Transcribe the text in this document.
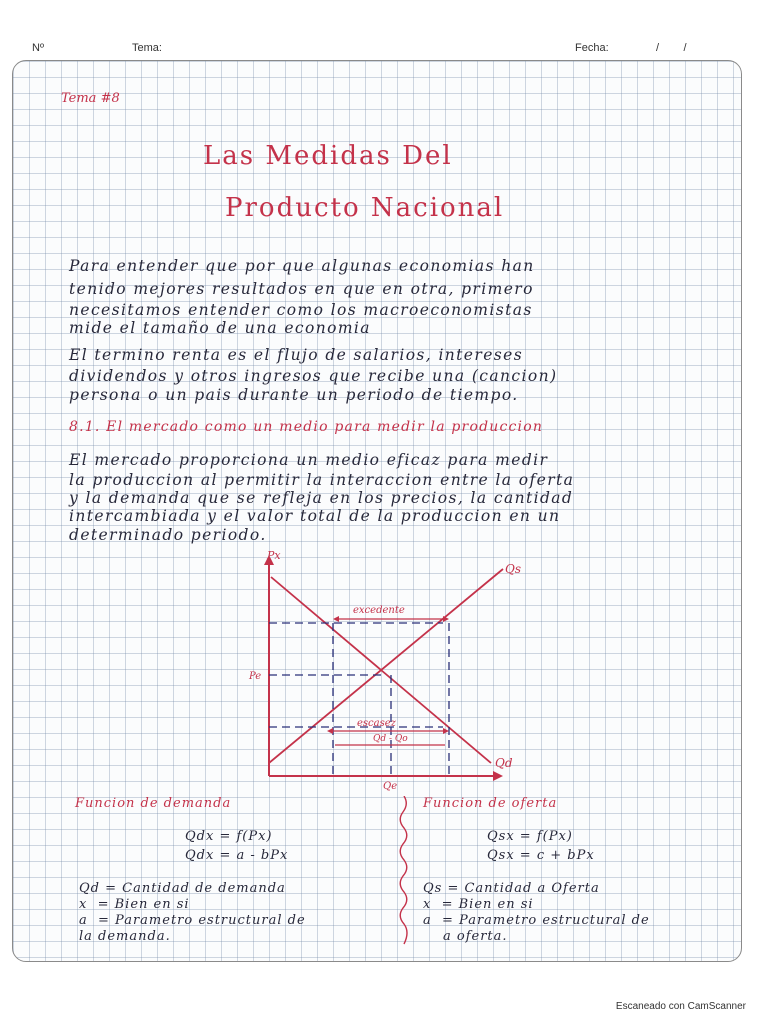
Nº	Tema:	Fecha:	/        /
Tema #8
Las Medidas Del
Producto Nacional
Para entender que por que algunas economias han
tenido mejores resultados en que en otra, primero
necesitamos entender como los macroeconomistas
mide el tamaño de una economia
El termino renta es el flujo de salarios, intereses
dividendos y otros ingresos que recibe una (cancion)
persona o un pais durante un periodo de tiempo.
8.1. El mercado como un medio para medir la produccion
El mercado proporciona un medio eficaz para medir
la produccion al permitir la interaccion entre la oferta
y la demanda que se refleja en los precios, la cantidad
intercambiada y el valor total de la produccion en un
determinado periodo.
Px
Qs
Qd
Pe
Qe
excedente
escasez
Qd - Qo
Funcion de demanda
Qdx = f(Px)
Qdx = a - bPx
Qd = Cantidad de demanda
x  = Bien en si
a  = Parametro estructural de
la demanda.
Funcion de oferta
Qsx = f(Px)
Qsx = c + bPx
Qs = Cantidad a Oferta
x  = Bien en si
a  = Parametro estructural de
a oferta.
Escaneado con CamScanner
